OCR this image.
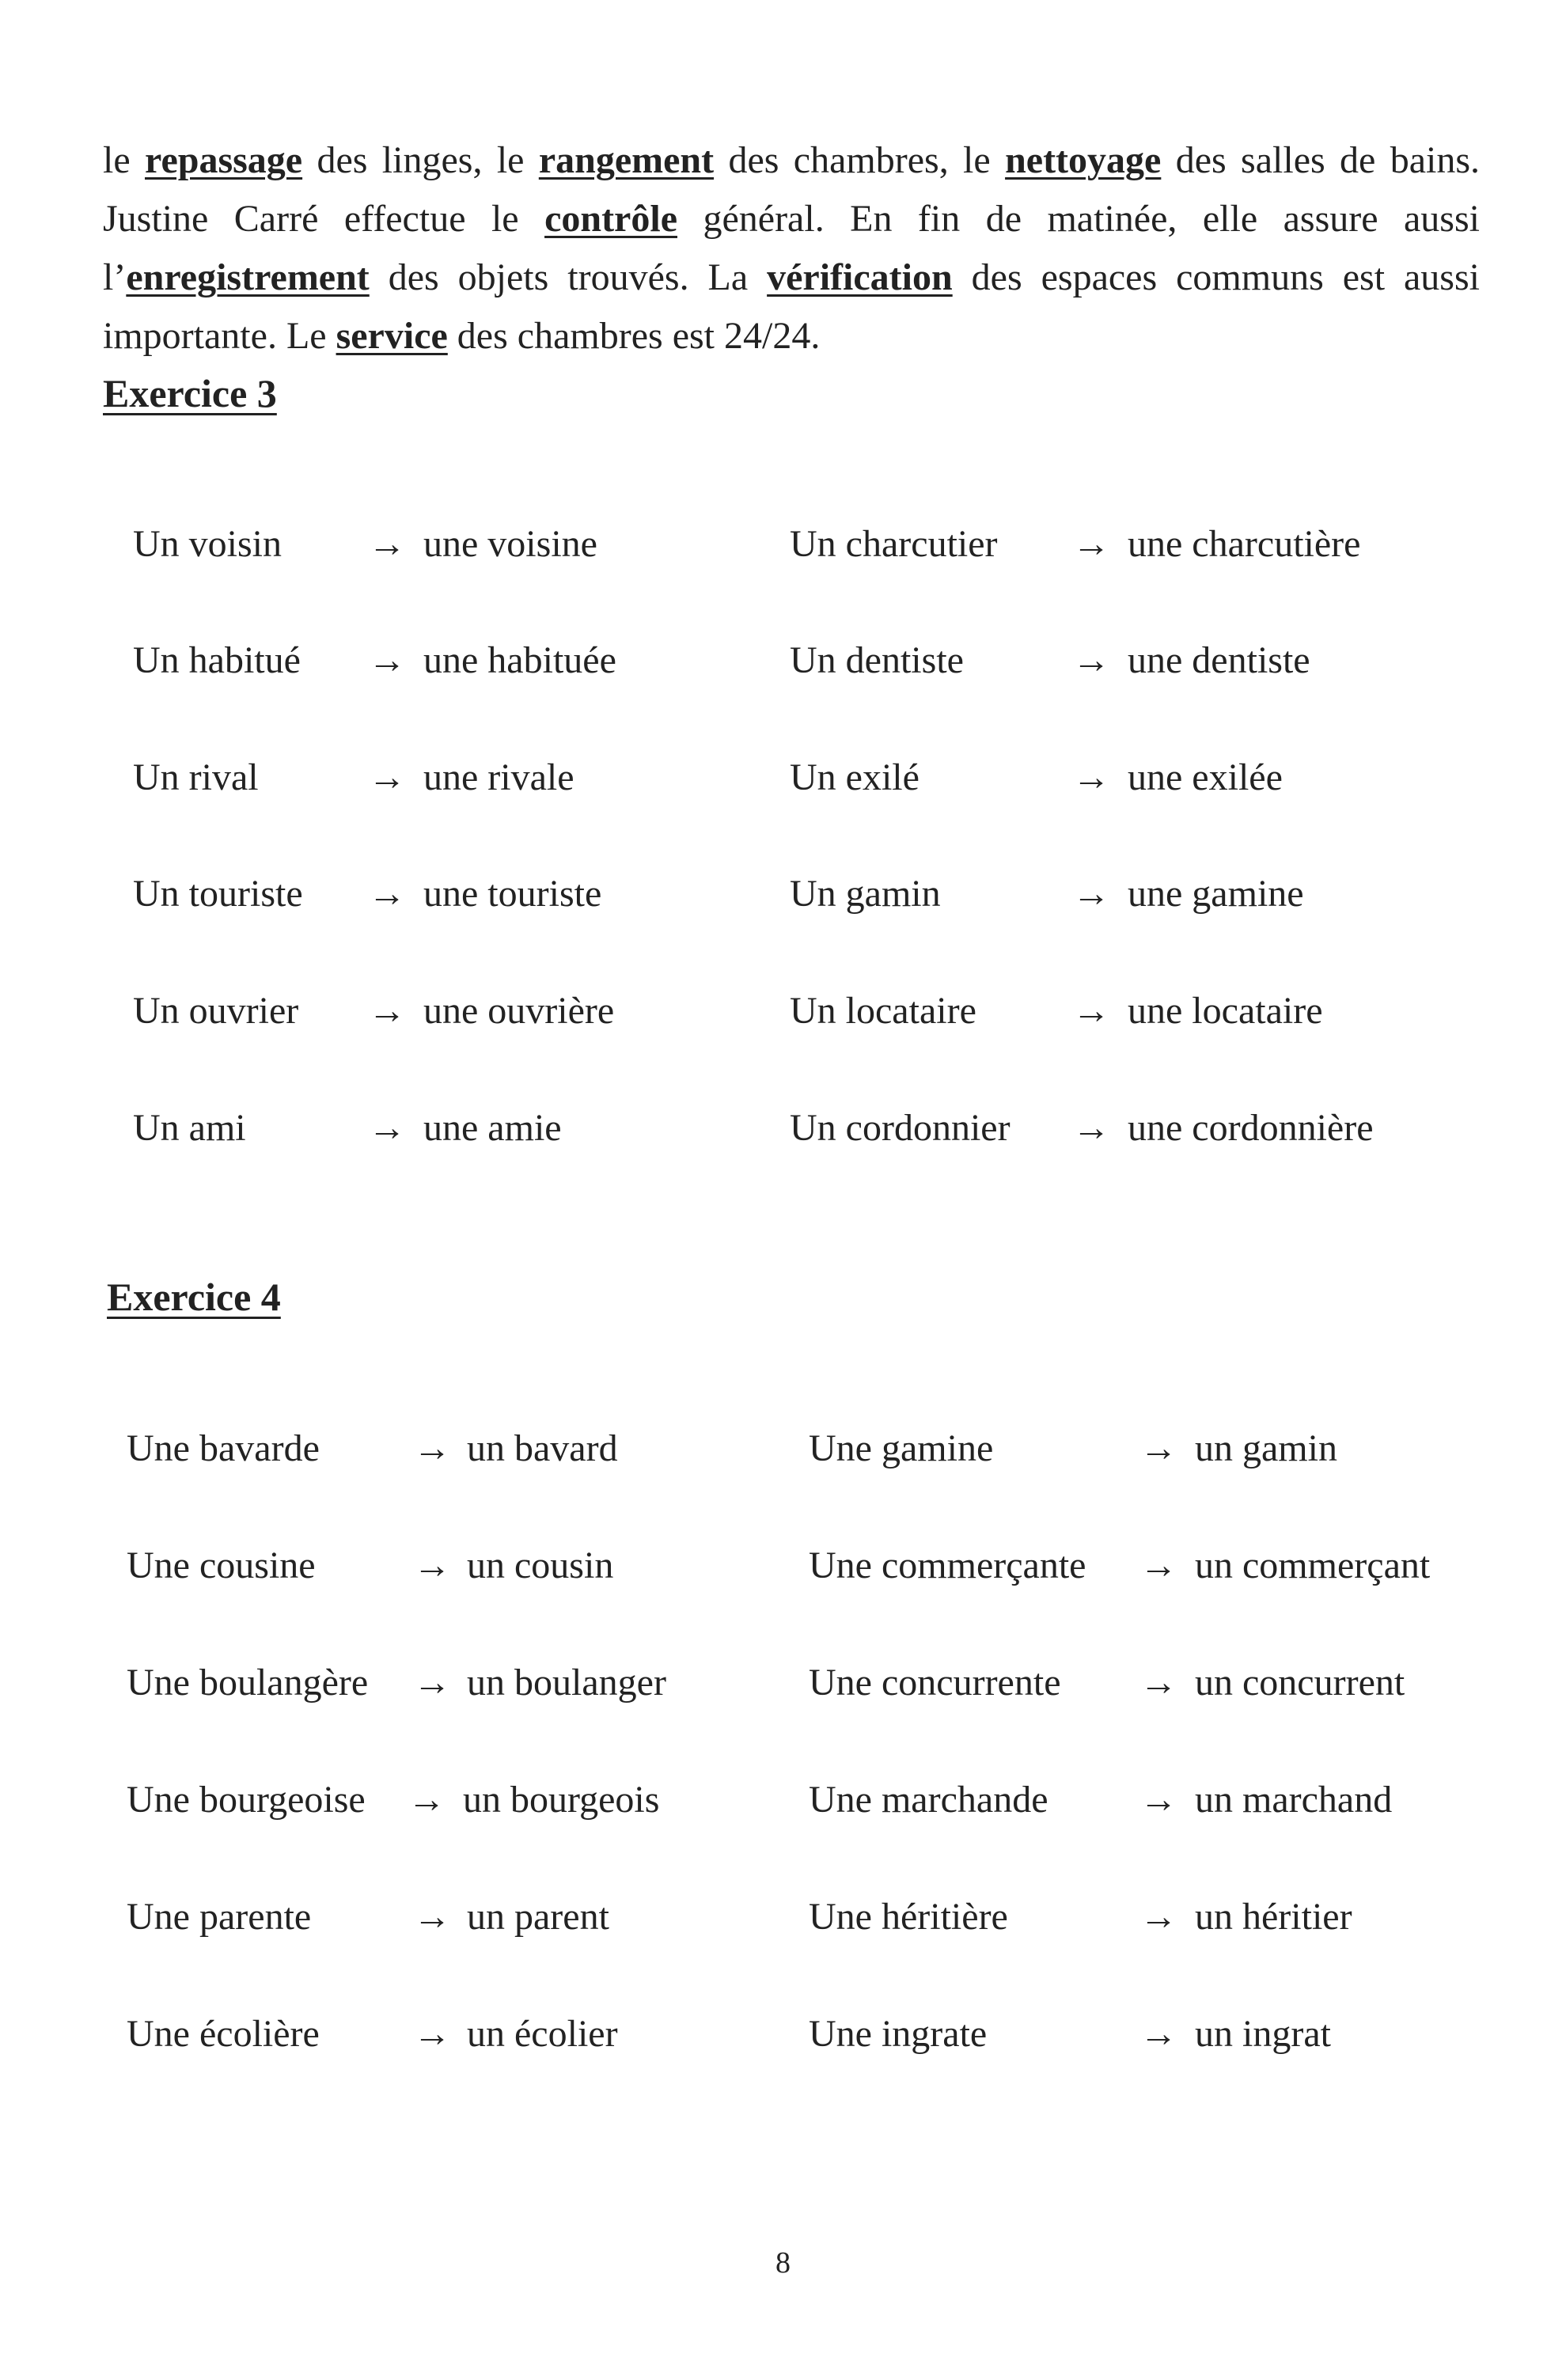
le repassage des linges, le rangement des chambres, le nettoyage des salles de bains. Justine Carré effectue le contrôle général. En fin de matinée, elle assure aussi l’enregistrement des objets trouvés. La vérification des espaces communs est aussi importante. Le service des chambres est 24/24.

Exercice 3
Un voisin → une voisine	Un charcutier → une charcutière
Un habitué → une habituée	Un dentiste	→ une dentiste
Un rival	→ une rivale	Un exilé	→ une exilée
Un touriste → une touriste	Un gamin	→ une gamine
Un ouvrier → une ouvrière	Un locataire	→ une locataire
Un ami	→ une amie	Un cordonnier → une cordonnière
Exercice 4
Une bavarde → un bavard	Une gamine	→ un gamin
Une cousine	→ un cousin	Une commerçante → un commerçant
Une boulangère → un boulanger	Une concurrente → un concurrent
Une bourgeoise → un bourgeois	Une marchande → un marchand
Une parente	→ un parent	Une héritière	→ un héritier
Une écolière → un écolier	Une ingrate	→ un ingrat
8
